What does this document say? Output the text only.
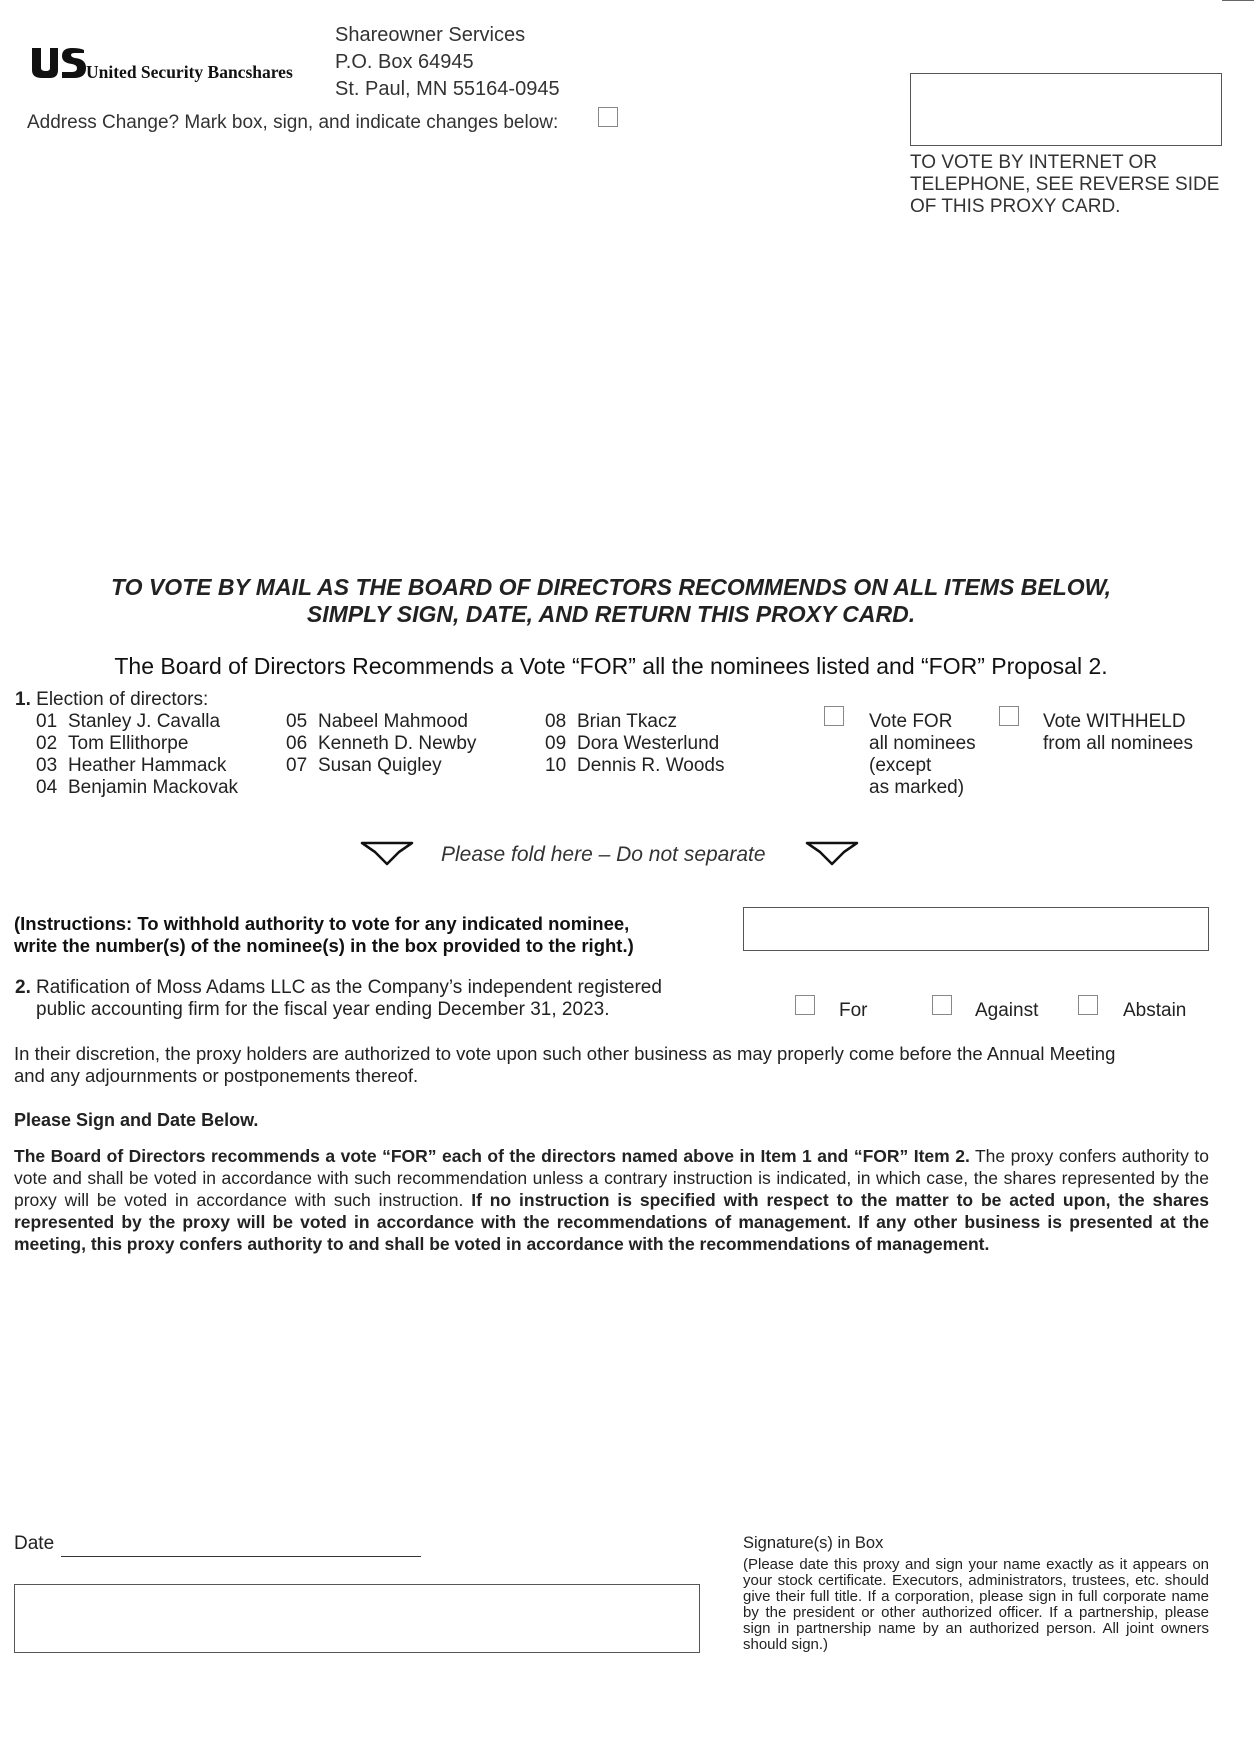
United Security Bancshares
Shareowner Services
P.O. Box 64945
St. Paul, MN 55164-0945
Address Change? Mark box, sign, and indicate changes below:
TO VOTE BY INTERNET OR
TELEPHONE, SEE REVERSE SIDE
OF THIS PROXY CARD.
TO VOTE BY MAIL AS THE BOARD OF DIRECTORS RECOMMENDS ON ALL ITEMS BELOW,
SIMPLY SIGN, DATE, AND RETURN THIS PROXY CARD.
The Board of Directors Recommends a Vote “FOR” all the nominees listed and “FOR” Proposal 2.
1. Election of directors:
01 Stanley J. Cavalla
02 Tom Ellithorpe
03 Heather Hammack
04 Benjamin Mackovak
05 Nabeel Mahmood
06 Kenneth D. Newby
07 Susan Quigley
08 Brian Tkacz
09 Dora Westerlund
10 Dennis R. Woods
Vote FOR
all nominees
(except
as marked)
Vote WITHHELD
from all nominees
Please fold here – Do not separate
(Instructions: To withhold authority to vote for any indicated nominee,
write the number(s) of the nominee(s) in the box provided to the right.)
2. Ratification of Moss Adams LLC as the Company’s independent registered
public accounting firm for the fiscal year ending December 31, 2023.	For	Against	Abstain
In their discretion, the proxy holders are authorized to vote upon such other business as may properly come before the Annual Meeting
and any adjournments or postponements thereof.
Please Sign and Date Below.
The Board of Directors recommends a vote “FOR” each of the directors named above in Item 1 and “FOR” Item 2. The proxy confers authority to vote and shall be voted in accordance with such recommendation unless a contrary instruction is indicated, in which case, the shares represented by the proxy will be voted in accordance with such instruction. If no instruction is specified with respect to the matter to be acted upon, the shares represented by the proxy will be voted in accordance with the recommendations of management. If any other business is presented at the meeting, this proxy confers authority to and shall be voted in accordance with the recommendations of management.
Date	Signature(s) in Box
(Please date this proxy and sign your name exactly as it appears on your stock certificate. Executors, administrators, trustees, etc. should give their full title. If a corporation, please sign in full corporate name by the president or other authorized officer. If a partnership, please sign in partnership name by an authorized person. All joint owners should sign.)
